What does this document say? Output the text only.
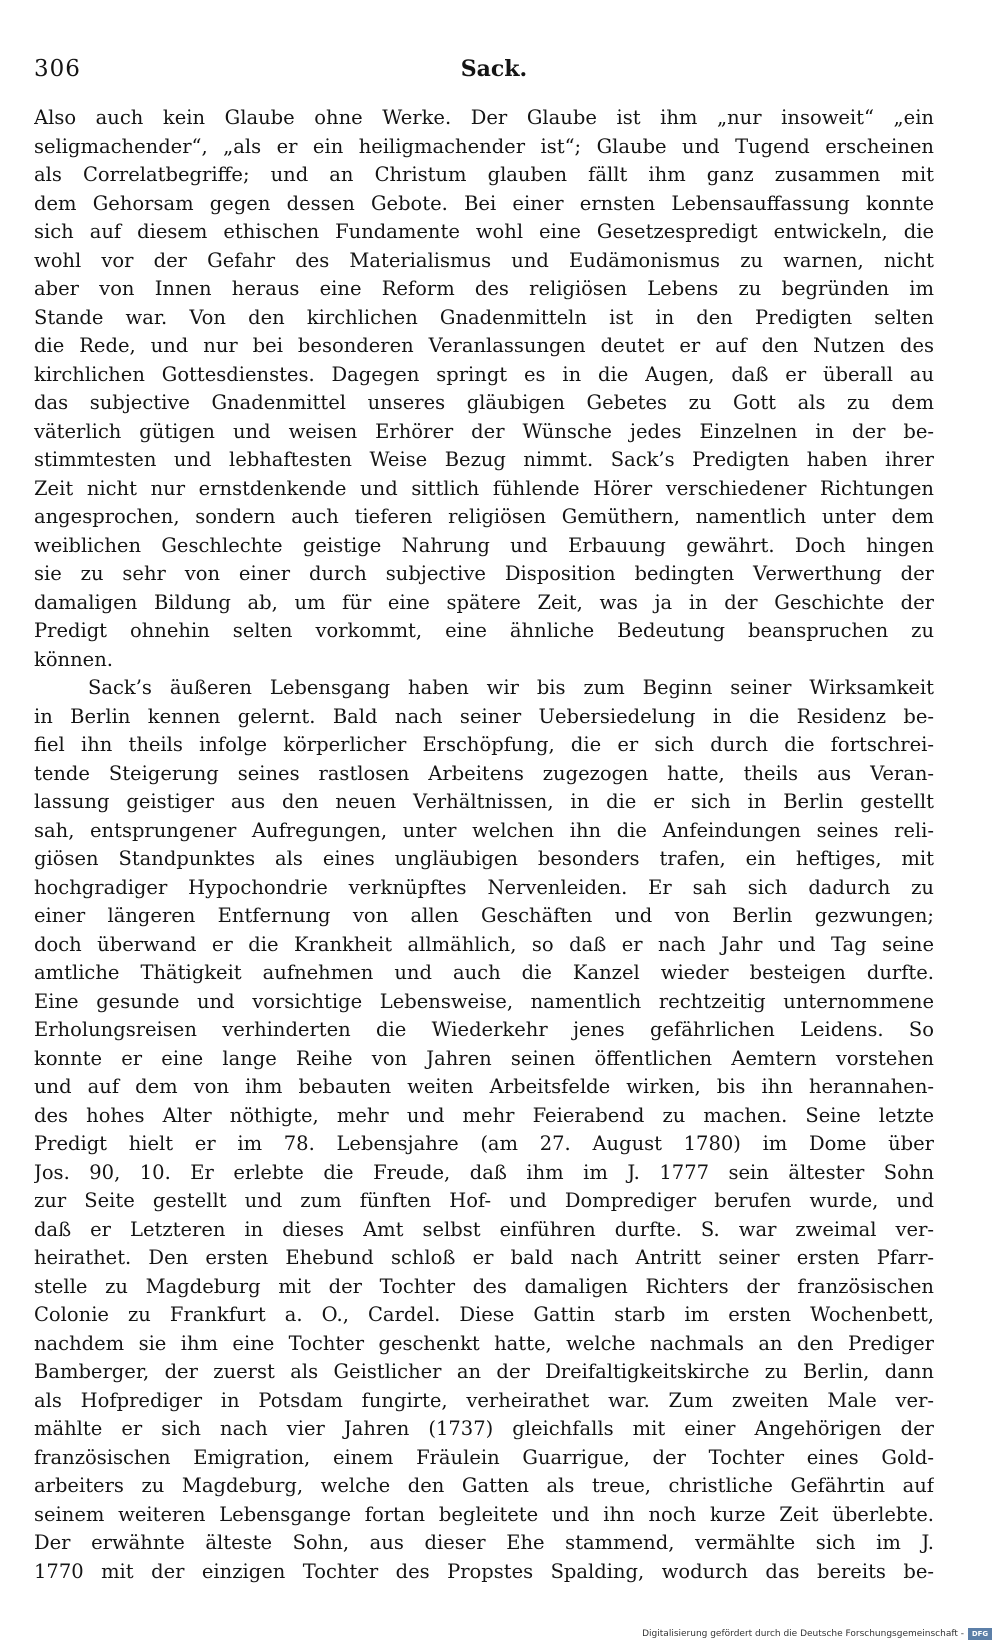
306	Sack.
Also auch kein Glaube ohne Werke. Der Glaube ist ihm „nur insoweit“ „ein
seligmachender“, „als er ein heiligmachender ist“; Glaube und Tugend erscheinen
als Correlatbegriffe; und an Christum glauben fällt ihm ganz zusammen mit
dem Gehorsam gegen dessen Gebote. Bei einer ernsten Lebensauffassung konnte
sich auf diesem ethischen Fundamente wohl eine Gesetzespredigt entwickeln, die
wohl vor der Gefahr des Materialismus und Eudämonismus zu warnen, nicht
aber von Innen heraus eine Reform des religiösen Lebens zu begründen im
Stande war. Von den kirchlichen Gnadenmitteln ist in den Predigten selten
die Rede, und nur bei besonderen Veranlassungen deutet er auf den Nutzen des
kirchlichen Gottesdienstes. Dagegen springt es in die Augen, daß er überall au
das subjective Gnadenmittel unseres gläubigen Gebetes zu Gott als zu dem
väterlich gütigen und weisen Erhörer der Wünsche jedes Einzelnen in der be-
stimmtesten und lebhaftesten Weise Bezug nimmt. Sack’s Predigten haben ihrer
Zeit nicht nur ernstdenkende und sittlich fühlende Hörer verschiedener Richtungen
angesprochen, sondern auch tieferen religiösen Gemüthern, namentlich unter dem
weiblichen Geschlechte geistige Nahrung und Erbauung gewährt. Doch hingen
sie zu sehr von einer durch subjective Disposition bedingten Verwerthung der
damaligen Bildung ab, um für eine spätere Zeit, was ja in der Geschichte der
Predigt ohnehin selten vorkommt, eine ähnliche Bedeutung beanspruchen zu
können.
Sack’s äußeren Lebensgang haben wir bis zum Beginn seiner Wirksamkeit
in Berlin kennen gelernt. Bald nach seiner Uebersiedelung in die Residenz be-
fiel ihn theils infolge körperlicher Erschöpfung, die er sich durch die fortschrei-
tende Steigerung seines rastlosen Arbeitens zugezogen hatte, theils aus Veran-
lassung geistiger aus den neuen Verhältnissen, in die er sich in Berlin gestellt
sah, entsprungener Aufregungen, unter welchen ihn die Anfeindungen seines reli-
giösen Standpunktes als eines ungläubigen besonders trafen, ein heftiges, mit
hochgradiger Hypochondrie verknüpftes Nervenleiden. Er sah sich dadurch zu
einer längeren Entfernung von allen Geschäften und von Berlin gezwungen;
doch überwand er die Krankheit allmählich, so daß er nach Jahr und Tag seine
amtliche Thätigkeit aufnehmen und auch die Kanzel wieder besteigen durfte.
Eine gesunde und vorsichtige Lebensweise, namentlich rechtzeitig unternommene
Erholungsreisen verhinderten die Wiederkehr jenes gefährlichen Leidens. So
konnte er eine lange Reihe von Jahren seinen öffentlichen Aemtern vorstehen
und auf dem von ihm bebauten weiten Arbeitsfelde wirken, bis ihn herannahen-
des hohes Alter nöthigte, mehr und mehr Feierabend zu machen. Seine letzte
Predigt hielt er im 78. Lebensjahre (am 27. August 1780) im Dome über
Jos. 90, 10. Er erlebte die Freude, daß ihm im J. 1777 sein ältester Sohn
zur Seite gestellt und zum fünften Hof- und Domprediger berufen wurde, und
daß er Letzteren in dieses Amt selbst einführen durfte. S. war zweimal ver-
heirathet. Den ersten Ehebund schloß er bald nach Antritt seiner ersten Pfarr-
stelle zu Magdeburg mit der Tochter des damaligen Richters der französischen
Colonie zu Frankfurt a. O., Cardel. Diese Gattin starb im ersten Wochenbett,
nachdem sie ihm eine Tochter geschenkt hatte, welche nachmals an den Prediger
Bamberger, der zuerst als Geistlicher an der Dreifaltigkeitskirche zu Berlin, dann
als Hofprediger in Potsdam fungirte, verheirathet war. Zum zweiten Male ver-
mählte er sich nach vier Jahren (1737) gleichfalls mit einer Angehörigen der
französischen Emigration, einem Fräulein Guarrigue, der Tochter eines Gold-
arbeiters zu Magdeburg, welche den Gatten als treue, christliche Gefährtin auf
seinem weiteren Lebensgange fortan begleitete und ihn noch kurze Zeit überlebte.
Der erwähnte älteste Sohn, aus dieser Ehe stammend, vermählte sich im J.
1770 mit der einzigen Tochter des Propstes Spalding, wodurch das bereits be-
Digitalisierung gefördert durch die Deutsche Forschungsgemeinschaft -	DFG
